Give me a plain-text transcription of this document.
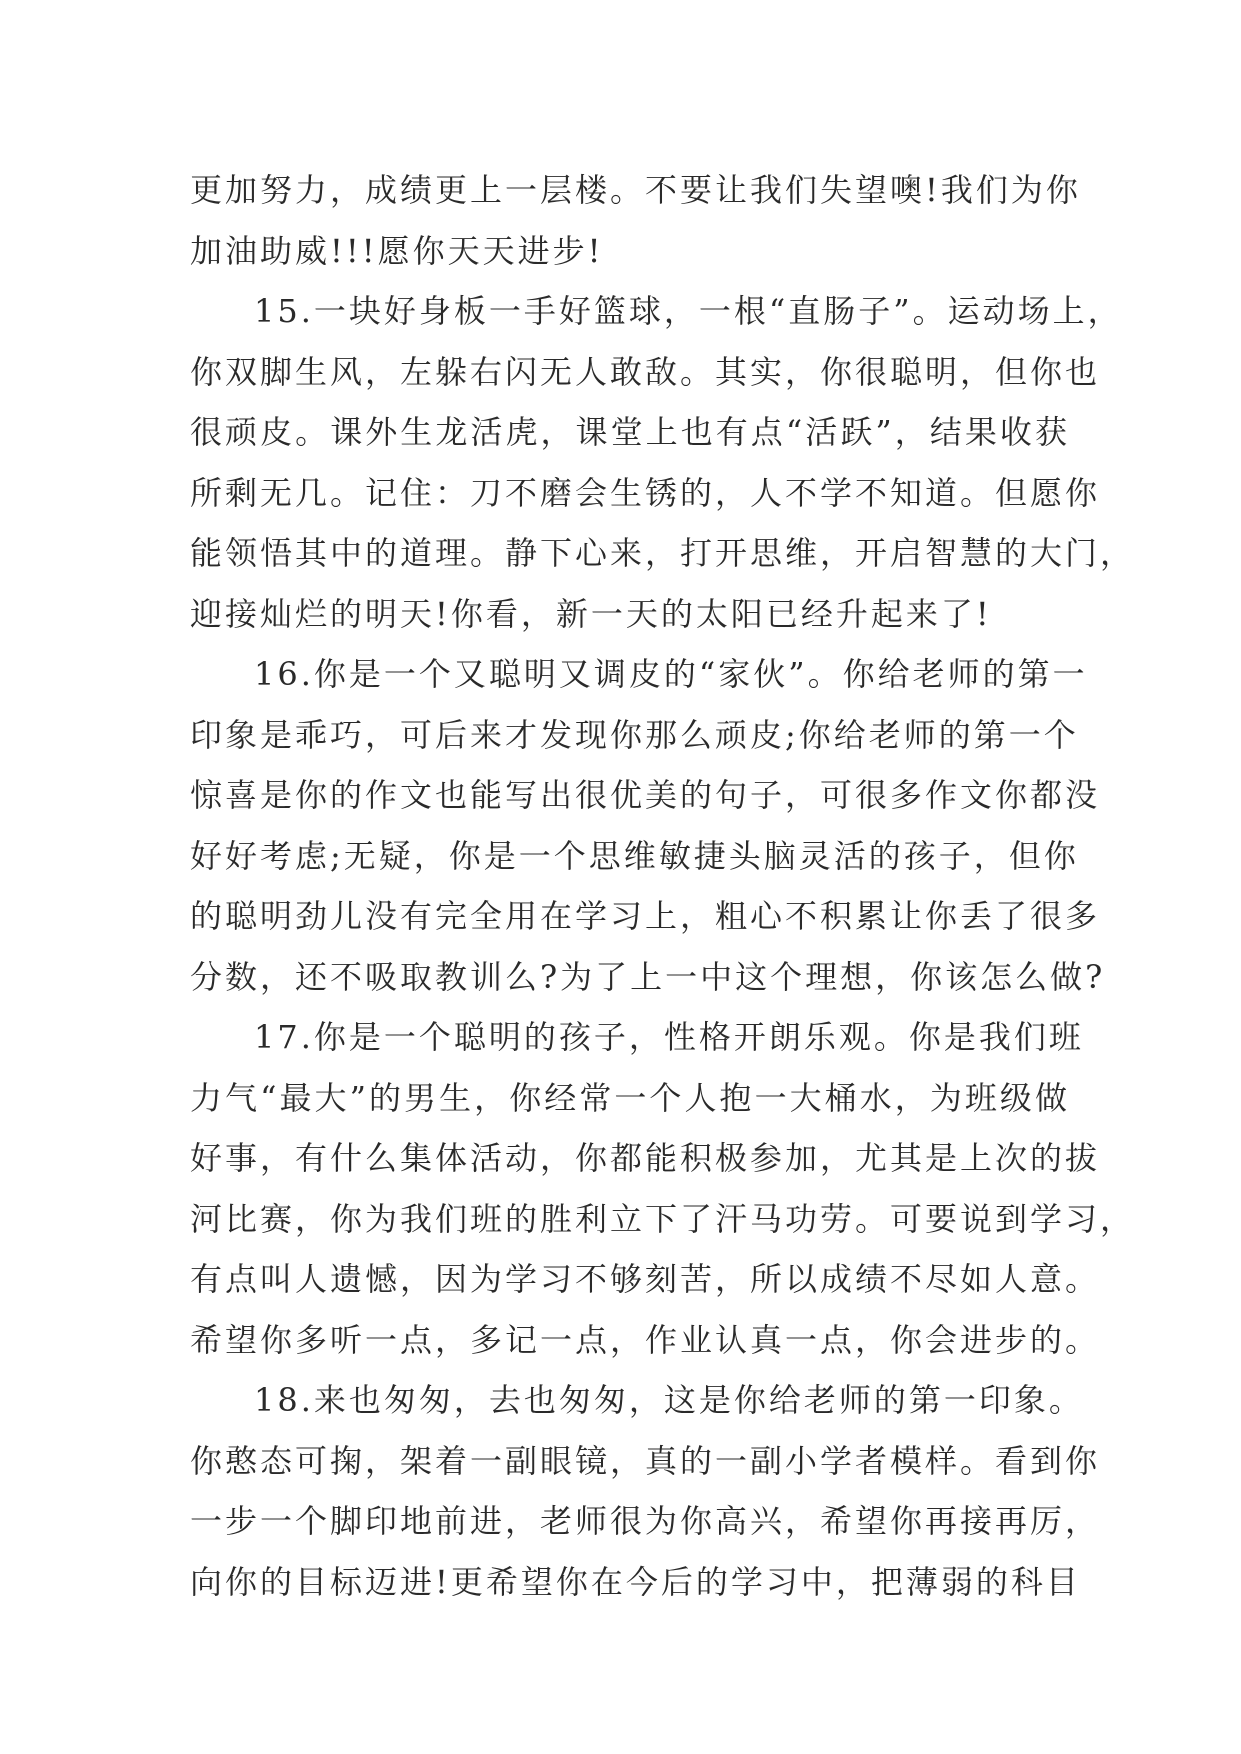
更加努力，成绩更上一层楼。不要让我们失望噢!我们为你
加油助威!!!愿你天天进步!
15.一块好身板一手好篮球，一根“直肠子”。运动场上，
你双脚生风，左躲右闪无人敢敌。其实，你很聪明，但你也
很顽皮。课外生龙活虎，课堂上也有点“活跃”，结果收获
所剩无几。记住：刀不磨会生锈的，人不学不知道。但愿你
能领悟其中的道理。静下心来，打开思维，开启智慧的大门，
迎接灿烂的明天!你看，新一天的太阳已经升起来了!
16.你是一个又聪明又调皮的“家伙”。你给老师的第一
印象是乖巧，可后来才发现你那么顽皮;你给老师的第一个
惊喜是你的作文也能写出很优美的句子，可很多作文你都没
好好考虑;无疑，你是一个思维敏捷头脑灵活的孩子，但你
的聪明劲儿没有完全用在学习上，粗心不积累让你丢了很多
分数，还不吸取教训么?为了上一中这个理想，你该怎么做?
17.你是一个聪明的孩子，性格开朗乐观。你是我们班
力气“最大”的男生，你经常一个人抱一大桶水，为班级做
好事，有什么集体活动，你都能积极参加，尤其是上次的拔
河比赛，你为我们班的胜利立下了汗马功劳。可要说到学习，
有点叫人遗憾，因为学习不够刻苦，所以成绩不尽如人意。
希望你多听一点，多记一点，作业认真一点，你会进步的。
18.来也匆匆，去也匆匆，这是你给老师的第一印象。
你憨态可掬，架着一副眼镜，真的一副小学者模样。看到你
一步一个脚印地前进，老师很为你高兴，希望你再接再厉，
向你的目标迈进!更希望你在今后的学习中，把薄弱的科目
